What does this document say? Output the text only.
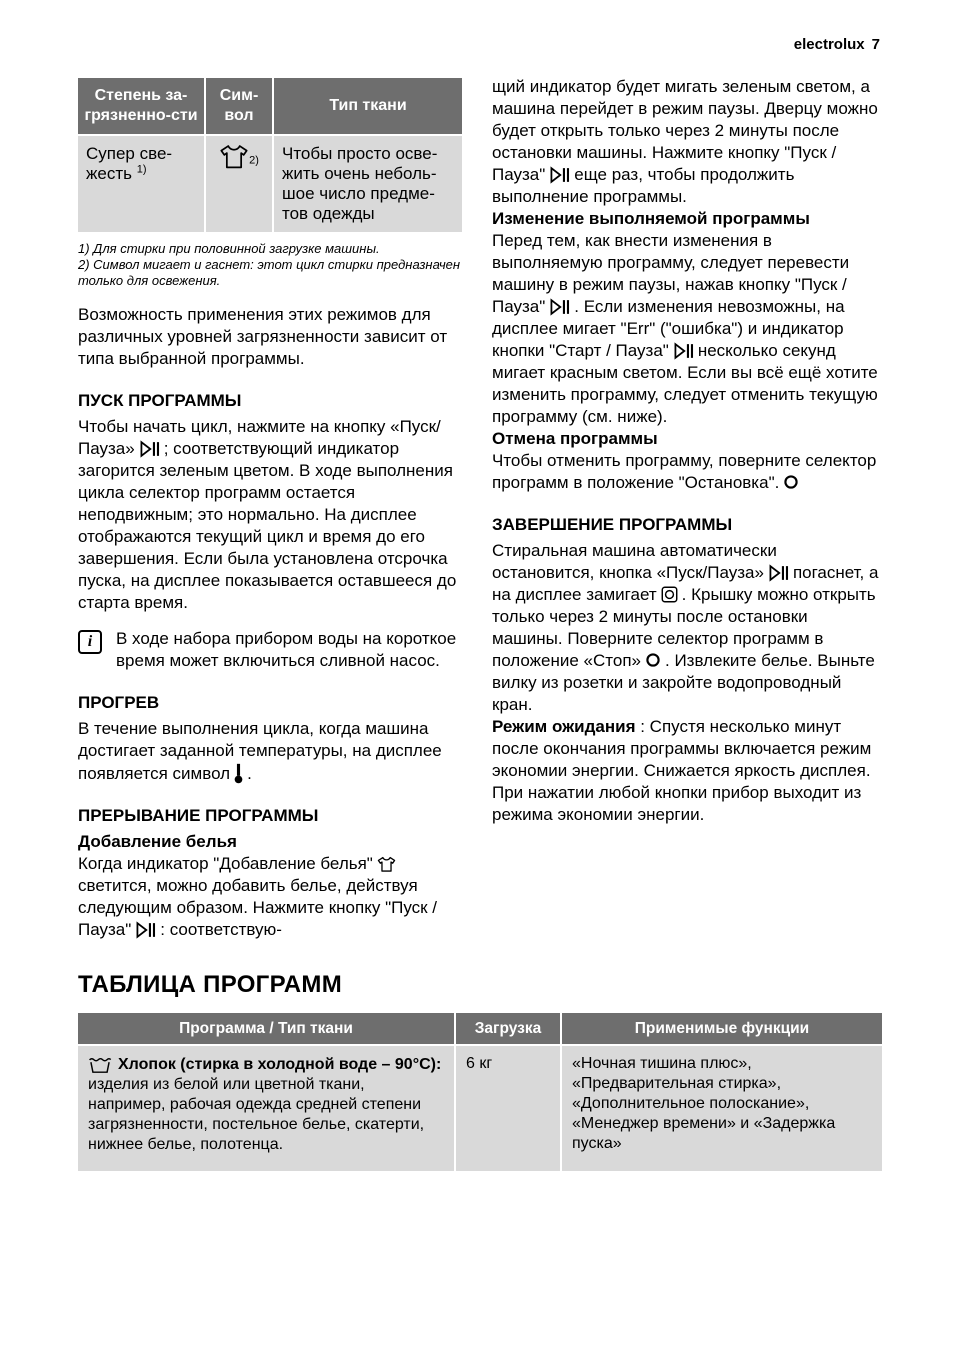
electrolux 7
Степень за-грязненно-сти	Сим-вол	Тип ткани
Супер све-жесть $^{1)}$	$^{2)}$	Чтобы просто осве-жить очень неболь-шое число предме-тов одежды
1) Для стирки при половинной загрузке машины.
2) Символ мигает и гаснет: этот цикл стирки предназначен только для освежения.

Возможность применения этих режимов для различных уровней загрязненности зависит от типа выбранной программы.

ПУСК ПРОГРАММЫ

Чтобы начать цикл, нажмите на кнопку «Пуск/Пауза» ; соответствующий индикатор загорится зеленым цветом. В ходе выполнения цикла селектор программ остается неподвижным; это нормально. На дисплее отображаются текущий цикл и время до его завершения. Если была установлена отсрочка пуска, на дисплее показывается оставшееся до старта время.

i	В ходе набора прибором воды на короткое время может включиться сливной насос.

ПРОГРЕВ

В течение выполнения цикла, когда машина достигает заданной температуры, на дисплее появляется символ .

ПРЕРЫВАНИЕ ПРОГРАММЫ

Добавление белья

Когда индикатор "Добавление белья"светится, можно добавить белье, действуя следующим образом. Нажмите кнопку "Пуск / Пауза" : соответствую-

щий индикатор будет мигать зеленым светом, а машина перейдет в режим паузы. Дверцу можно будет открыть только через 2 минуты после остановки машины. Нажмите кнопку "Пуск / Пауза" еще раз, чтобы продолжить выполнение программы.

Изменение выполняемой программы

Перед тем, как внести изменения в выполняемую программу, следует перевести машину в режим паузы, нажав кнопку "Пуск / Пауза" . Если изменения невозможны, на дисплее мигает "Err" ("ошибка") и индикатор кнопки "Старт / Пауза" несколько секунд мигает красным светом. Если вы всё ещё хотите изменить программу, следует отменить текущую программу (см. ниже).

Отмена программы

Чтобы отменить программу, поверните селектор программ в положение "Остановка".

ЗАВЕРШЕНИЕ ПРОГРАММЫ

Стиральная машина автоматически остановится, кнопка «Пуск/Пауза» погаснет, а на дисплее замигает . Крышку можно открыть только через 2 минуты после остановки машины. Поверните селектор программ в положение «Стоп» . Извлеките белье. Выньте вилку из розетки и закройте водопроводный кран.

Режим ожидания : Спустя несколько минут после окончания программы включается режим экономии энергии. Снижается яркость дисплея. При нажатии любой кнопки прибор выходит из режима экономии энергии.

ТАБЛИЦА ПРОГРАММ
Программа / Тип ткани	Загрузка	Применимые функции
Хлопок (стирка в холодной воде – 90°C): изделия из белой или цветной ткани, например, рабочая одежда средней степени загрязненности, постельное белье, скатерти, нижнее белье, полотенца.	6 кг	«Ночная тишина плюс», «Предварительная стирка», «Дополнительное полоскание», «Менеджер времени» и «Задержка пуска»
